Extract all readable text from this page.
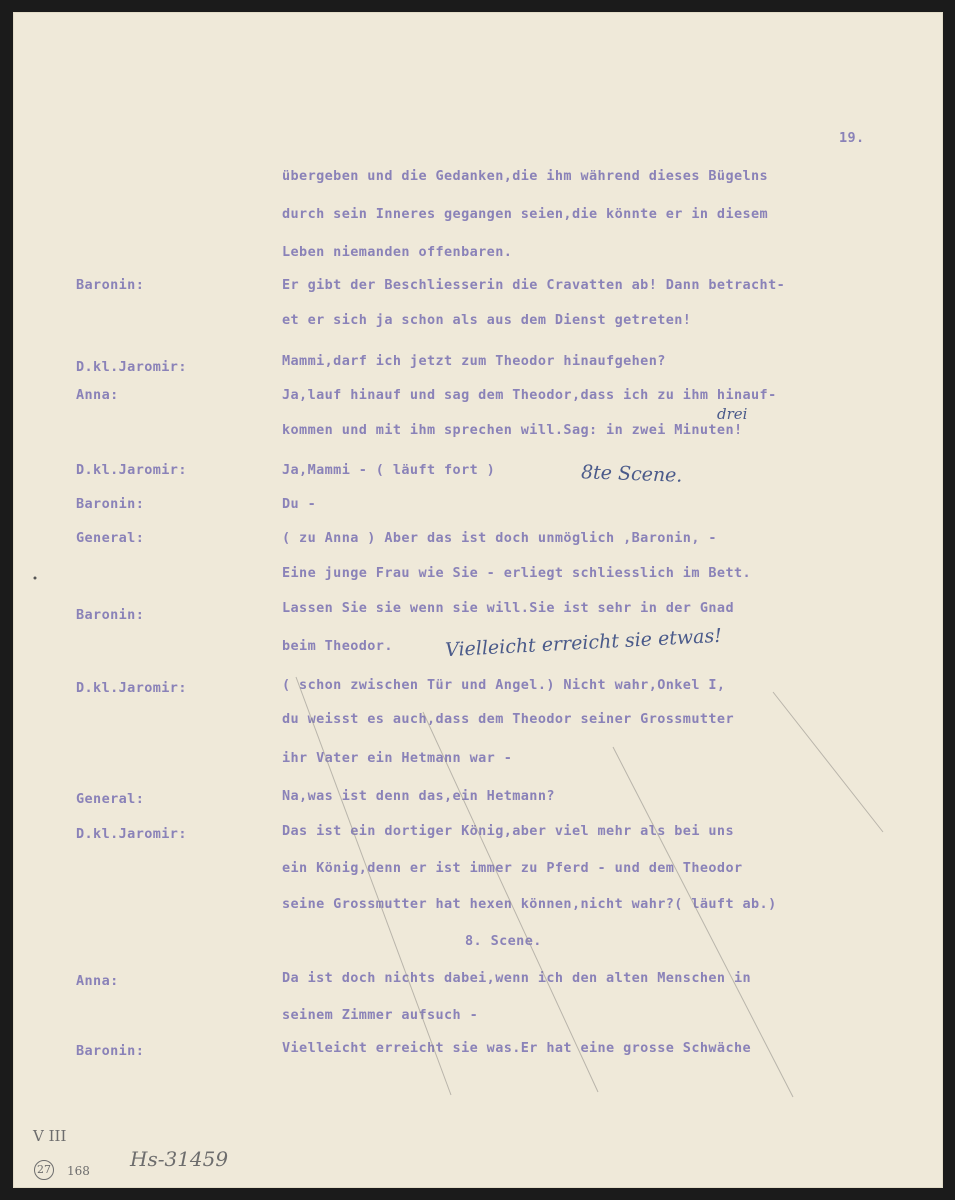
19.
übergeben und die Gedanken,die ihm während dieses Bügelns
durch sein Inneres gegangen seien,die könnte er in diesem
Leben niemanden offenbaren.
Baronin:	Er gibt der Beschliesserin die Cravatten ab! Dann betracht-
et er sich ja schon als aus dem Dienst getreten!
D.kl.Jaromir:	Mammi,darf ich jetzt zum Theodor hinaufgehen?
Anna:	Ja,lauf hinauf und sag dem Theodor,dass ich zu ihm hinauf-
kommen und mit ihm sprechen will.Sag: in zwei Minuten!
D.kl.Jaromir:	Ja,Mammi - ( läuft fort )
Baronin:	Du -
General:	( zu Anna ) Aber das ist doch unmöglich ,Baronin, -
Eine junge Frau wie Sie - erliegt schliesslich im Bett.
Baronin:	Lassen Sie sie wenn sie will.Sie ist sehr in der Gnad
beim Theodor.
D.kl.Jaromir:	( schon zwischen Tür und Angel.) Nicht wahr,Onkel I,
du weisst es auch,dass dem Theodor seiner Grossmutter
ihr Vater ein Hetmann war -
General:	Na,was ist denn das,ein Hetmann?
D.kl.Jaromir:	Das ist ein dortiger König,aber viel mehr als bei uns
ein König,denn er ist immer zu Pferd - und dem Theodor
seine Grossmutter hat hexen können,nicht wahr?( läuft ab.)
8. Scene.
Anna:	Da ist doch nichts dabei,wenn ich den alten Menschen in
seinem Zimmer aufsuch -
Baronin:	Vielleicht erreicht sie was.Er hat eine grosse Schwäche
drei
8te Scene.
Vielleicht erreicht sie etwas!
V III
27 168 Hs-31459
